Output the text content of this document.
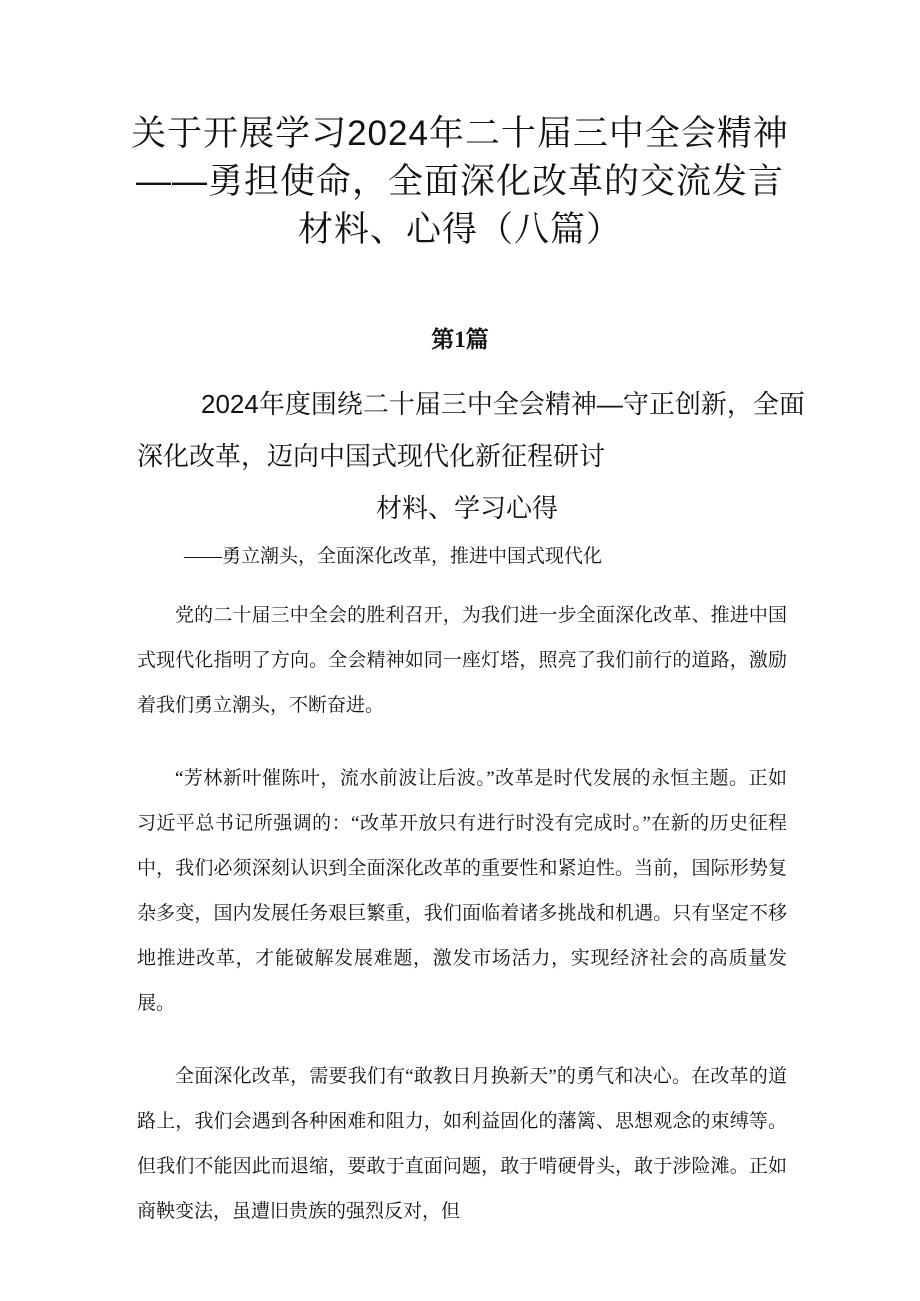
关于开展学习2024年二十届三中全会精神
——勇担使命，全面深化改革的交流发言
材料、心得（八篇）
第1篇
2024年度围绕二十届三中全会精神—守正创新，全面
深化改革，迈向中国式现代化新征程研讨
材料、学习心得
——勇立潮头，全面深化改革，推进中国式现代化

党的二十届三中全会的胜利召开，为我们进一步全面深化改革、推进中国式现代化指明了方向。全会精神如同一座灯塔，照亮了我们前行的道路，激励着我们勇立潮头，不断奋进。

“芳林新叶催陈叶，流水前波让后波。”改革是时代发展的永恒主题。正如习近平总书记所强调的：“改革开放只有进行时没有完成时。”在新的历史征程中，我们必须深刻认识到全面深化改革的重要性和紧迫性。当前，国际形势复杂多变，国内发展任务艰巨繁重，我们面临着诸多挑战和机遇。只有坚定不移地推进改革，才能破解发展难题，激发市场活力，实现经济社会的高质量发展。

全面深化改革，需要我们有“敢教日月换新天”的勇气和决心。在改革的道路上，我们会遇到各种困难和阻力，如利益固化的藩篱、思想观念的束缚等。但我们不能因此而退缩，要敢于直面问题，敢于啃硬骨头，敢于涉险滩。正如商鞅变法，虽遭旧贵族的强烈反对，但
